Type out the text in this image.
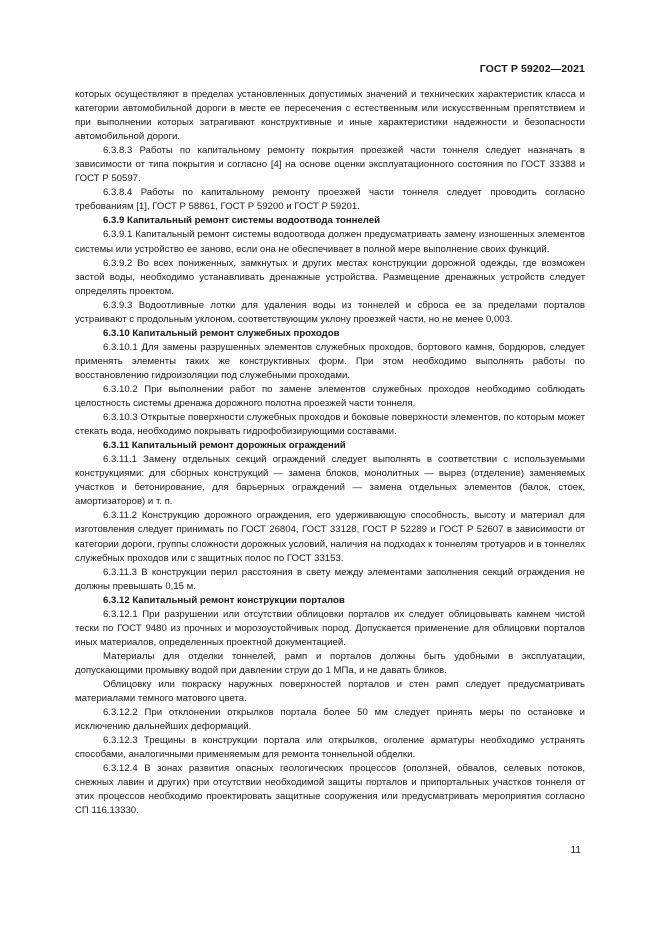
ГОСТ Р 59202—2021

которых осуществляют в пределах установленных допустимых значений и технических характеристик класса и категории автомобильной дороги в месте ее пересечения с естественным или искусственным препятствием и при выполнении которых затрагивают конструктивные и иные характеристики надежности и безопасности автомобильной дороги.

6.3.8.3 Работы по капитальному ремонту покрытия проезжей части тоннеля следует назначать в зависимости от типа покрытия и согласно [4] на основе оценки эксплуатационного состояния по ГОСТ 33388 и ГОСТ Р 50597.

6.3.8.4 Работы по капитальному ремонту проезжей части тоннеля следует проводить согласно требованиям [1], ГОСТ Р 58861, ГОСТ Р 59200 и ГОСТ Р 59201.

6.3.9 Капитальный ремонт системы водоотвода тоннелей

6.3.9.1 Капитальный ремонт системы водоотвода должен предусматривать замену изношенных элементов системы или устройство ее заново, если она не обеспечивает в полной мере выполнение своих функций.

6.3.9.2 Во всех пониженных, замкнутых и других местах конструкции дорожной одежды, где возможен застой воды, необходимо устанавливать дренажные устройства. Размещение дренажных устройств следует определять проектом.

6.3.9.3 Водоотливные лотки для удаления воды из тоннелей и сброса ее за пределами порталов устраивают с продольным уклоном, соответствующим уклону проезжей части, но не менее 0,003.

6.3.10 Капитальный ремонт служебных проходов

6.3.10.1 Для замены разрушенных элементов служебных проходов, бортового камня, бордюров, следует применять элементы таких же конструктивных форм. При этом необходимо выполнять работы по восстановлению гидроизоляции под служебными проходами.

6.3.10.2 При выполнении работ по замене элементов служебных проходов необходимо соблюдать целостность системы дренажа дорожного полотна проезжей части тоннеля.

6.3.10.3 Открытые поверхности служебных проходов и боковые поверхности элементов, по которым может стекать вода, необходимо покрывать гидрофобизирующими составами.

6.3.11 Капитальный ремонт дорожных ограждений

6.3.11.1 Замену отдельных секций ограждений следует выполнять в соответствии с используемыми конструкциями: для сборных конструкций — замена блоков, монолитных — вырез (отделение) заменяемых участков и бетонирование, для барьерных ограждений — замена отдельных элементов (балок, стоек, амортизаторов) и т. п.

6.3.11.2 Конструкцию дорожного ограждения, его удерживающую способность, высоту и материал для изготовления следует принимать по ГОСТ 26804, ГОСТ 33128, ГОСТ Р 52289 и ГОСТ Р 52607 в зависимости от категории дороги, группы сложности дорожных условий, наличия на подходах к тоннелям тротуаров и в тоннелях служебных проходов или с защитных полос по ГОСТ 33153.

6.3.11.3 В конструкции перил расстояния в свету между элементами заполнения секций ограждения не должны превышать 0,15 м.

6.3.12 Капитальный ремонт конструкции порталов

6.3.12.1 При разрушении или отсутствии облицовки порталов их следует облицовывать камнем чистой тески по ГОСТ 9480 из прочных и морозоустойчивых пород. Допускается применение для облицовки порталов иных материалов, определенных проектной документацией.

Материалы для отделки тоннелей, рамп и порталов должны быть удобными в эксплуатации, допускающими промывку водой при давлении струи до 1 МПа, и не давать бликов.

Облицовку или покраску наружных поверхностей порталов и стен рамп следует предусматривать материалами темного матового цвета.

6.3.12.2 При отклонении открылков портала более 50 мм следует принять меры по остановке и исключению дальнейших деформаций.

6.3.12.3 Трещины в конструкции портала или открылков, оголение арматуры необходимо устранять способами, аналогичными применяемым для ремонта тоннельной обделки.

6.3.12.4 В зонах развития опасных геологических процессов (оползней, обвалов, селевых потоков, снежных лавин и других) при отсутствии необходимой защиты порталов и припортальных участков тоннеля от этих процессов необходимо проектировать защитные сооружения или предусматривать мероприятия согласно СП 116.13330.

11
